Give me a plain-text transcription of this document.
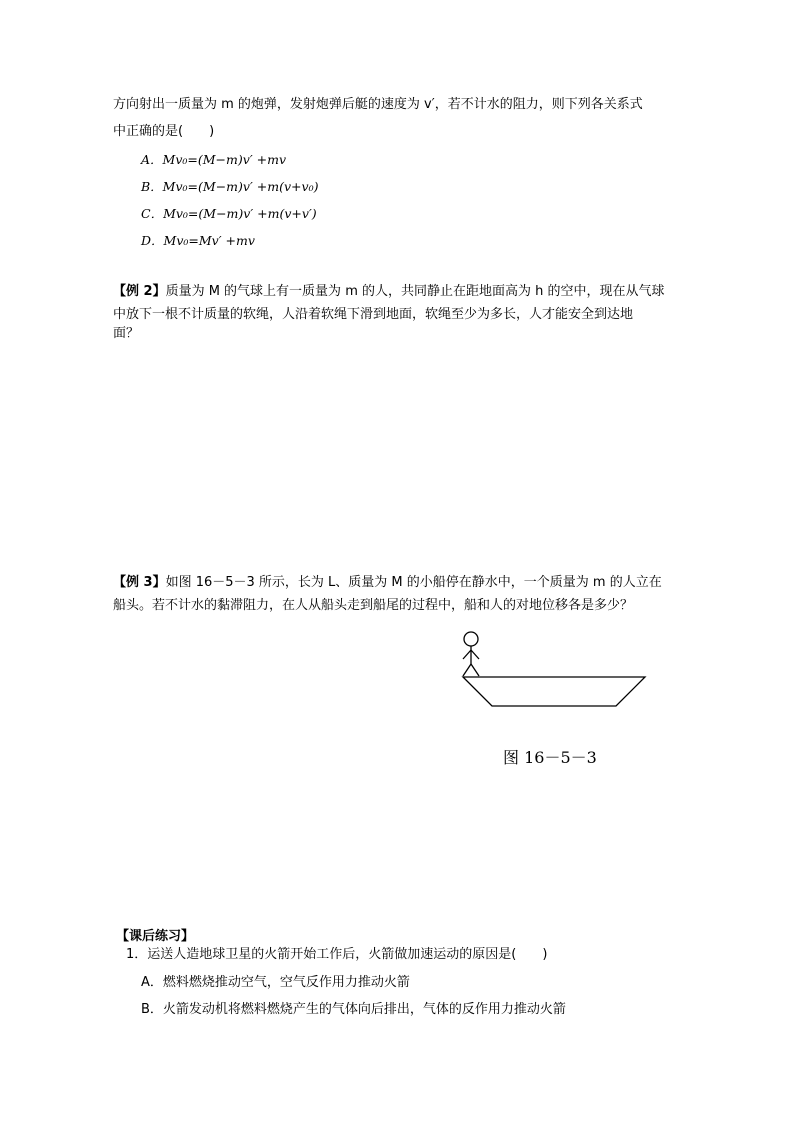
方向射出一质量为 m 的炮弹，发射炮弹后艇的速度为 v′，若不计水的阻力，则下列各关系式
中正确的是(　　)
A．Mv₀=(M−m)v′ +mv
B．Mv₀=(M−m)v′ +m(v+v₀)
C．Mv₀=(M−m)v′ +m(v+v′)
D．Mv₀=Mv′ +mv
【例 2】质量为 M 的气球上有一质量为 m 的人，共同静止在距地面高为 h 的空中，现在从气球
中放下一根不计质量的软绳，人沿着软绳下滑到地面，软绳至少为多长，人才能安全到达地
面？
【例 3】如图 16－5－3 所示，长为 L、质量为 M 的小船停在静水中，一个质量为 m 的人立在
船头。若不计水的黏滞阻力，在人从船头走到船尾的过程中，船和人的对地位移各是多少？
图 16－5－3
【课后练习】
1．运送人造地球卫星的火箭开始工作后，火箭做加速运动的原因是(　　)
A．燃料燃烧推动空气，空气反作用力推动火箭
B．火箭发动机将燃料燃烧产生的气体向后排出，气体的反作用力推动火箭
